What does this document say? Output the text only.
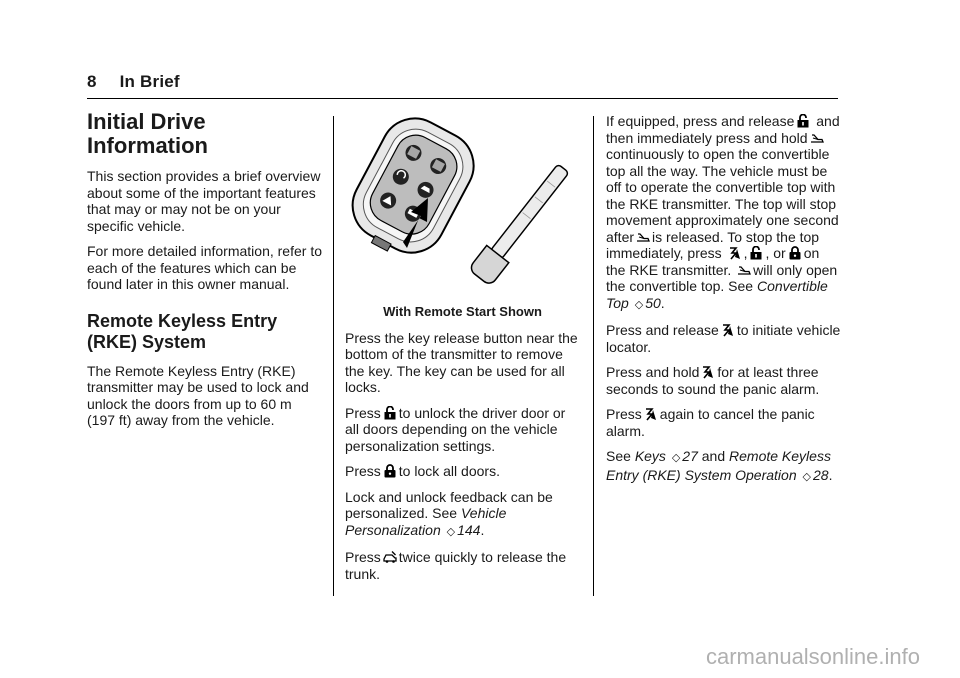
8 In Brief
Initial Drive
Information

This section provides a brief overview about some of the important features that may or may not be on your specific vehicle.

For more detailed information, refer to each of the features which can be found later in this owner manual.

Remote Keyless Entry
(RKE) System

The Remote Keyless Entry (RKE) transmitter may be used to lock and unlock the doors from up to 60 m (197 ft) away from the vehicle.

With Remote Start Shown

Press the key release button near the bottom of the transmitter to remove the key. The key can be used for all locks.

Press to unlock the driver door or all doors depending on the vehicle personalization settings.

Press to lock all doors.

Lock and unlock feedback can be personalized. See Vehicle Personalization ◇ 144.

Press twice quickly to release the trunk.

If equipped, press and release and then immediately press and hold
continuously to open the convertible top all the way. The vehicle must be off to operate the convertible top with the RKE transmitter. The top will stop movement approximately one second after is released. To stop the top immediately, press , , or on the RKE transmitter. will only open the convertible top. See Convertible Top ◇ 50.

Press and release to initiate vehicle locator.

Press and hold for at least three seconds to sound the panic alarm.

Press again to cancel the panic alarm.

See Keys ◇ 27 and Remote Keyless Entry (RKE) System Operation ◇ 28.

carmanualsonline.info
